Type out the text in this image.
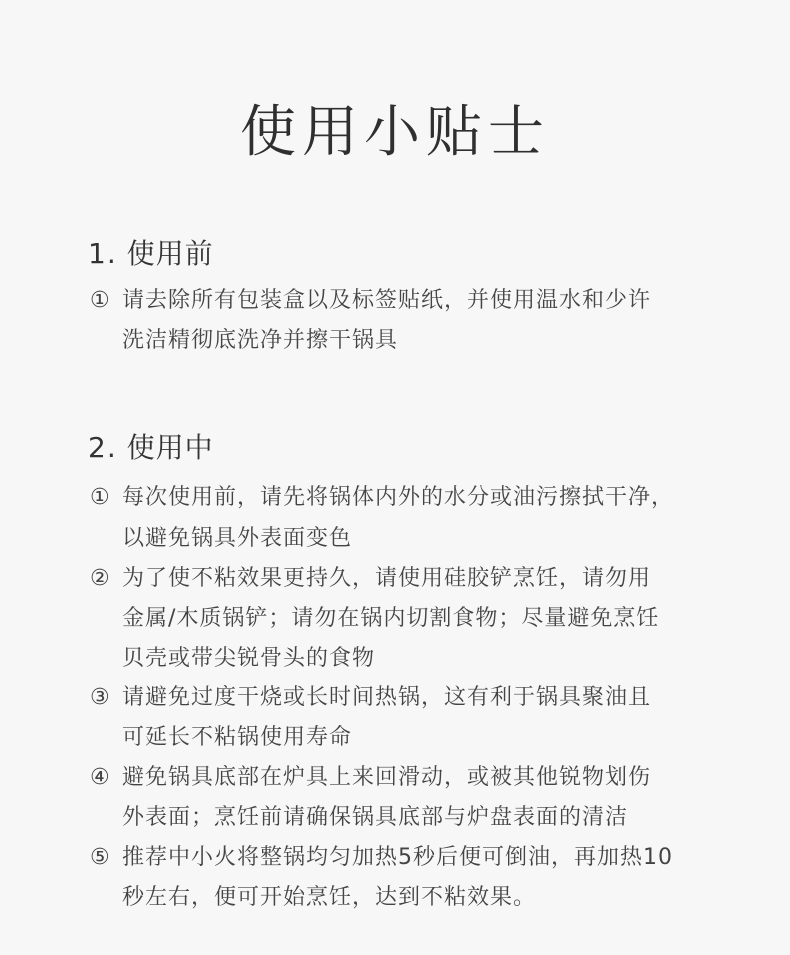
使用小贴士
1. 使用前
① 请去除所有包装盒以及标签贴纸，并使用温水和少许
洗洁精彻底洗净并擦干锅具
2. 使用中
① 每次使用前，请先将锅体内外的水分或油污擦拭干净，
以避免锅具外表面变色
② 为了使不粘效果更持久，请使用硅胶铲烹饪，请勿用
金属/木质锅铲；请勿在锅内切割食物；尽量避免烹饪
贝壳或带尖锐骨头的食物
③ 请避免过度干烧或长时间热锅，这有利于锅具聚油且
可延长不粘锅使用寿命
④ 避免锅具底部在炉具上来回滑动，或被其他锐物划伤
外表面；烹饪前请确保锅具底部与炉盘表面的清洁
⑤ 推荐中小火将整锅均匀加热5秒后便可倒油，再加热10
秒左右，便可开始烹饪，达到不粘效果。
